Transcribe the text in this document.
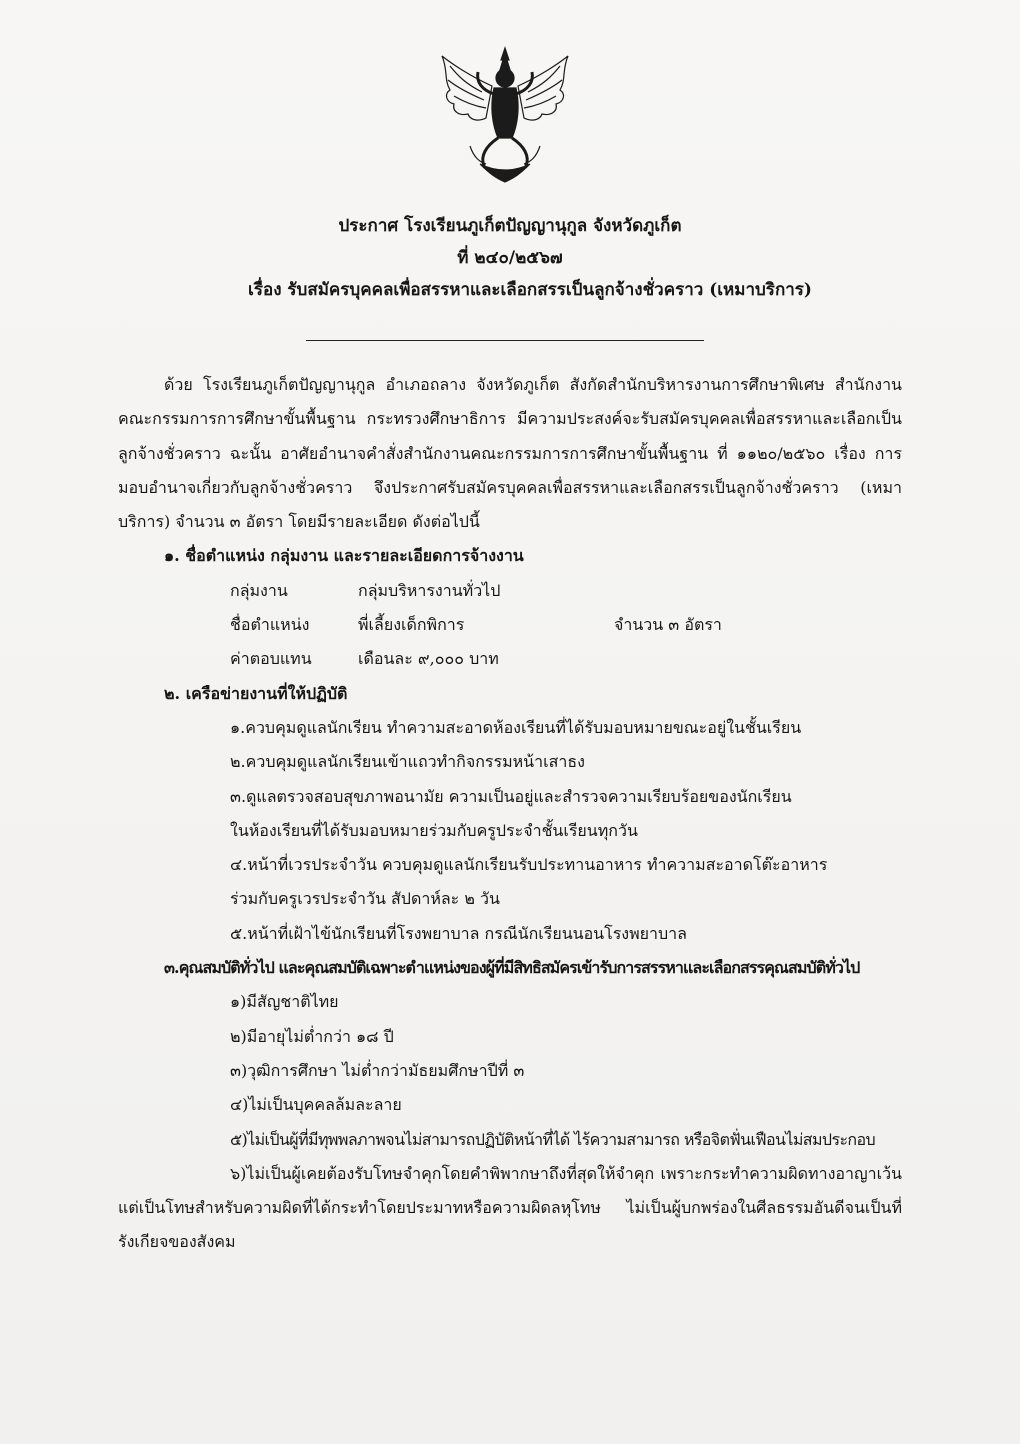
ประกาศ โรงเรียนภูเก็ตปัญญานุกูล จังหวัดภูเก็ต
ที่ ๒๔๐/๒๕๖๗
เรื่อง รับสมัครบุคคลเพื่อสรรหาและเลือกสรรเป็นลูกจ้างชั่วคราว (เหมาบริการ)

ด้วย โรงเรียนภูเก็ตปัญญานุกูล อำเภอถลาง จังหวัดภูเก็ต สังกัดสำนักบริหารงานการศึกษาพิเศษ สำนักงานคณะกรรมการการศึกษาขั้นพื้นฐาน กระทรวงศึกษาธิการ มีความประสงค์จะรับสมัครบุคคลเพื่อสรรหาและเลือกเป็นลูกจ้างชั่วคราว ฉะนั้น อาศัยอำนาจคำสั่งสำนักงานคณะกรรมการการศึกษาขั้นพื้นฐาน ที่ ๑๑๒๐/๒๕๖๐ เรื่อง การมอบอำนาจเกี่ยวกับลูกจ้างชั่วคราว จึงประกาศรับสมัครบุคคลเพื่อสรรหาและเลือกสรรเป็นลูกจ้างชั่วคราว (เหมาบริการ) จำนวน ๓ อัตรา โดยมีรายละเอียด ดังต่อไปนี้

๑. ชื่อตำแหน่ง กลุ่มงาน และรายละเอียดการจ้างงาน

กลุ่มงาน	กลุ่มบริหารงานทั่วไป

ชื่อตำแหน่ง	พี่เลี้ยงเด็กพิการ	จำนวน ๓ อัตรา

ค่าตอบแทน	เดือนละ ๙,๐๐๐ บาท

๒. เครือข่ายงานที่ให้ปฏิบัติ

๑.ควบคุมดูแลนักเรียน ทำความสะอาดห้องเรียนที่ได้รับมอบหมายขณะอยู่ในชั้นเรียน

๒.ควบคุมดูแลนักเรียนเข้าแถวทำกิจกรรมหน้าเสาธง

๓.ดูแลตรวจสอบสุขภาพอนามัย ความเป็นอยู่และสำรวจความเรียบร้อยของนักเรียน

ในห้องเรียนที่ได้รับมอบหมายร่วมกับครูประจำชั้นเรียนทุกวัน

๔.หน้าที่เวรประจำวัน ควบคุมดูแลนักเรียนรับประทานอาหาร ทำความสะอาดโต๊ะอาหาร

ร่วมกับครูเวรประจำวัน สัปดาห์ละ ๒ วัน

๕.หน้าที่เฝ้าไข้นักเรียนที่โรงพยาบาล กรณีนักเรียนนอนโรงพยาบาล

๓.คุณสมบัติทั่วไป และคุณสมบัติเฉพาะตำแหน่งของผู้ที่มีสิทธิสมัครเข้ารับการสรรหาและเลือกสรรคุณสมบัติทั่วไป

๑)มีสัญชาติไทย

๒)มีอายุไม่ต่ำกว่า ๑๘ ปี

๓)วุฒิการศึกษา ไม่ต่ำกว่ามัธยมศึกษาปีที่ ๓

๔)ไม่เป็นบุคคลล้มละลาย

๕)ไม่เป็นผู้ที่มีทุพพลภาพจนไม่สามารถปฏิบัติหน้าที่ได้ ไร้ความสามารถ หรือจิตฟั่นเฟือนไม่สมประกอบ

๖)ไม่เป็นผู้เคยต้องรับโทษจำคุกโดยคำพิพากษาถึงที่สุดให้จำคุก เพราะกระทำความผิดทางอาญาเว้นแต่เป็นโทษสำหรับความผิดที่ได้กระทำโดยประมาทหรือความผิดลหุโทษ ไม่เป็นผู้บกพร่องในศีลธรรมอันดีจนเป็นที่รังเกียจของสังคม
